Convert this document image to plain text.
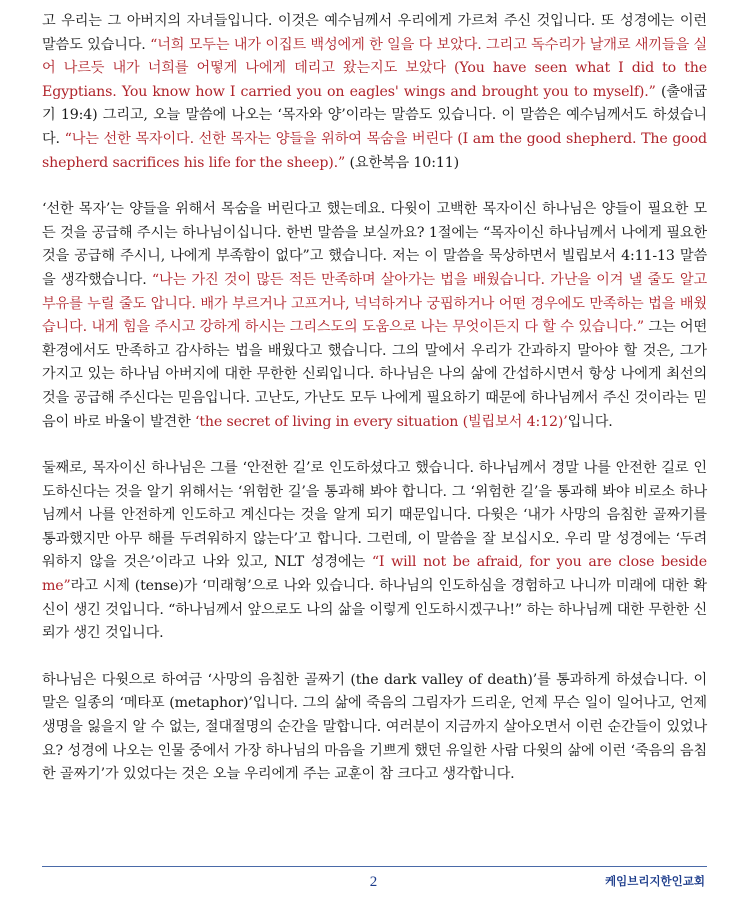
고 우리는 그 아버지의 자녀들입니다. 이것은 예수님께서 우리에게 가르쳐 주신 것입니다. 또 성경에는 이런 말씀도 있습니다. “너희 모두는 내가 이집트 백성에게 한 일을 다 보았다. 그리고 독수리가 날개로 새끼들을 실어 나르듯 내가 너희를 어떻게 나에게 데리고 왔는지도 보았다 (You have seen what I did to the Egyptians. You know how I carried you on eagles' wings and brought you to myself).” (출애굽기 19:4) 그리고, 오늘 말씀에 나오는 ‘목자와 양’이라는 말씀도 있습니다. 이 말씀은 예수님께서도 하셨습니다. “나는 선한 목자이다. 선한 목자는 양들을 위하여 목숨을 버린다 (I am the good shepherd. The good shepherd sacrifices his life for the sheep).” (요한복음 10:11)

‘선한 목자’는 양들을 위해서 목숨을 버린다고 했는데요. 다윗이 고백한 목자이신 하나님은 양들이 필요한 모든 것을 공급해 주시는 하나님이십니다. 한번 말씀을 보실까요? 1절에는 “목자이신 하나님께서 나에게 필요한 것을 공급해 주시니, 나에게 부족함이 없다”고 했습니다. 저는 이 말씀을 묵상하면서 빌립보서 4:11-13 말씀을 생각했습니다. “나는 가진 것이 많든 적든 만족하며 살아가는 법을 배웠습니다. 가난을 이겨 낼 줄도 알고 부유를 누릴 줄도 압니다. 배가 부르거나 고프거나, 넉넉하거나 궁핍하거나 어떤 경우에도 만족하는 법을 배웠습니다. 내게 힘을 주시고 강하게 하시는 그리스도의 도움으로 나는 무엇이든지 다 할 수 있습니다.” 그는 어떤 환경에서도 만족하고 감사하는 법을 배웠다고 했습니다. 그의 말에서 우리가 간과하지 말아야 할 것은, 그가 가지고 있는 하나님 아버지에 대한 무한한 신뢰입니다. 하나님은 나의 삶에 간섭하시면서 항상 나에게 최선의 것을 공급해 주신다는 믿음입니다. 고난도, 가난도 모두 나에게 필요하기 때문에 하나님께서 주신 것이라는 믿음이 바로 바울이 발견한 ‘the secret of living in every situation (빌립보서 4:12)’입니다.

둘째로, 목자이신 하나님은 그를 ‘안전한 길’로 인도하셨다고 했습니다. 하나님께서 경말 나를 안전한 길로 인도하신다는 것을 알기 위해서는 ‘위험한 길’을 통과해 봐야 합니다. 그 ‘위험한 길’을 통과해 봐야 비로소 하나님께서 나를 안전하게 인도하고 계신다는 것을 알게 되기 때문입니다. 다윗은 ‘내가 사망의 음침한 골짜기를 통과했지만 아무 해를 두려워하지 않는다’고 합니다. 그런데, 이 말씀을 잘 보십시오. 우리 말 성경에는 ‘두려워하지 않을 것은’이라고 나와 있고, NLT 성경에는 “I will not be afraid, for you are close beside me”라고 시제 (tense)가 ‘미래형’으로 나와 있습니다. 하나님의 인도하심을 경험하고 나니까 미래에 대한 확신이 생긴 것입니다. “하나님께서 앞으로도 나의 삶을 이렇게 인도하시겠구나!” 하는 하나님께 대한 무한한 신뢰가 생긴 것입니다.

하나님은 다윗으로 하여금 ‘사망의 음침한 골짜기 (the dark valley of death)’를 통과하게 하셨습니다. 이 말은 일종의 ‘메타포 (metaphor)’입니다. 그의 삶에 죽음의 그림자가 드리운, 언제 무슨 일이 일어나고, 언제 생명을 잃을지 알 수 없는, 절대절명의 순간을 말합니다. 여러분이 지금까지 살아오면서 이런 순간들이 있었나요? 성경에 나오는 인물 중에서 가장 하나님의 마음을 기쁘게 했던 유일한 사람 다윗의 삶에 이런 ‘죽음의 음침한 골짜기’가 있었다는 것은 오늘 우리에게 주는 교훈이 참 크다고 생각합니다.

2	케임브리지한인교회
